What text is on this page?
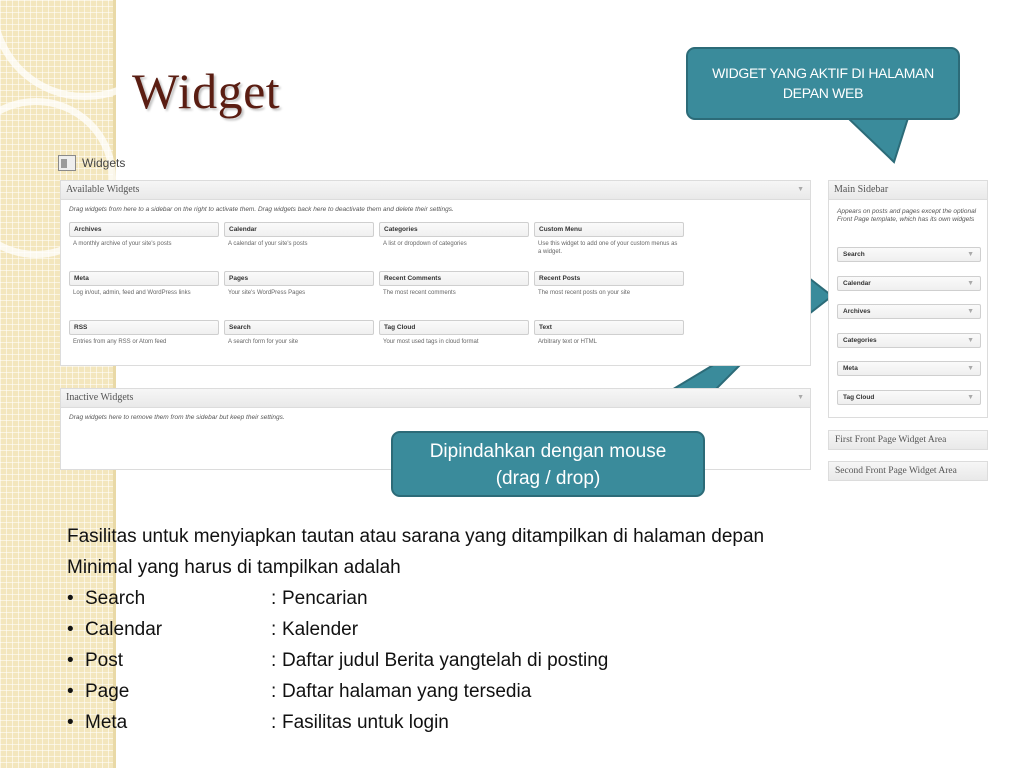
Widget	WIDGET YANG AKTIF DI HALAMAN DEPAN WEB
Widgets
Available Widgets	▼
Drag widgets from here to a sidebar on the right to activate them. Drag widgets back here to deactivate them and delete their settings.
Archives
A monthly archive of your site's posts
Calendar
A calendar of your site's posts
Categories
A list or dropdown of categories
Custom Menu
Use this widget to add one of your custom menus as a widget.
Meta
Log in/out, admin, feed and WordPress links
Pages
Your site's WordPress Pages
Recent Comments
The most recent comments
Recent Posts
The most recent posts on your site
RSS
Entries from any RSS or Atom feed
Search
A search form for your site
Tag Cloud
Your most used tags in cloud format
Text
Arbitrary text or HTML
Inactive Widgets	▼
Drag widgets here to remove them from the sidebar but keep their settings.
Main Sidebar
Appears on posts and pages except the optional Front Page template, which has its own widgets
Search	▼
Calendar	▼
Archives	▼
Categories	▼
Meta	▼
Tag Cloud	▼
First Front Page Widget Area
Second Front Page Widget Area
Dipindahkan dengan mouse
(drag / drop)
Fasilitas untuk menyiapkan tautan atau sarana yang ditampilkan di halaman depan
Minimal yang harus di tampilkan adalah
• Search	: Pencarian
• Calendar	: Kalender
• Post	: Daftar judul Berita yangtelah di posting
• Page	: Daftar halaman yang tersedia
• Meta	: Fasilitas untuk login
